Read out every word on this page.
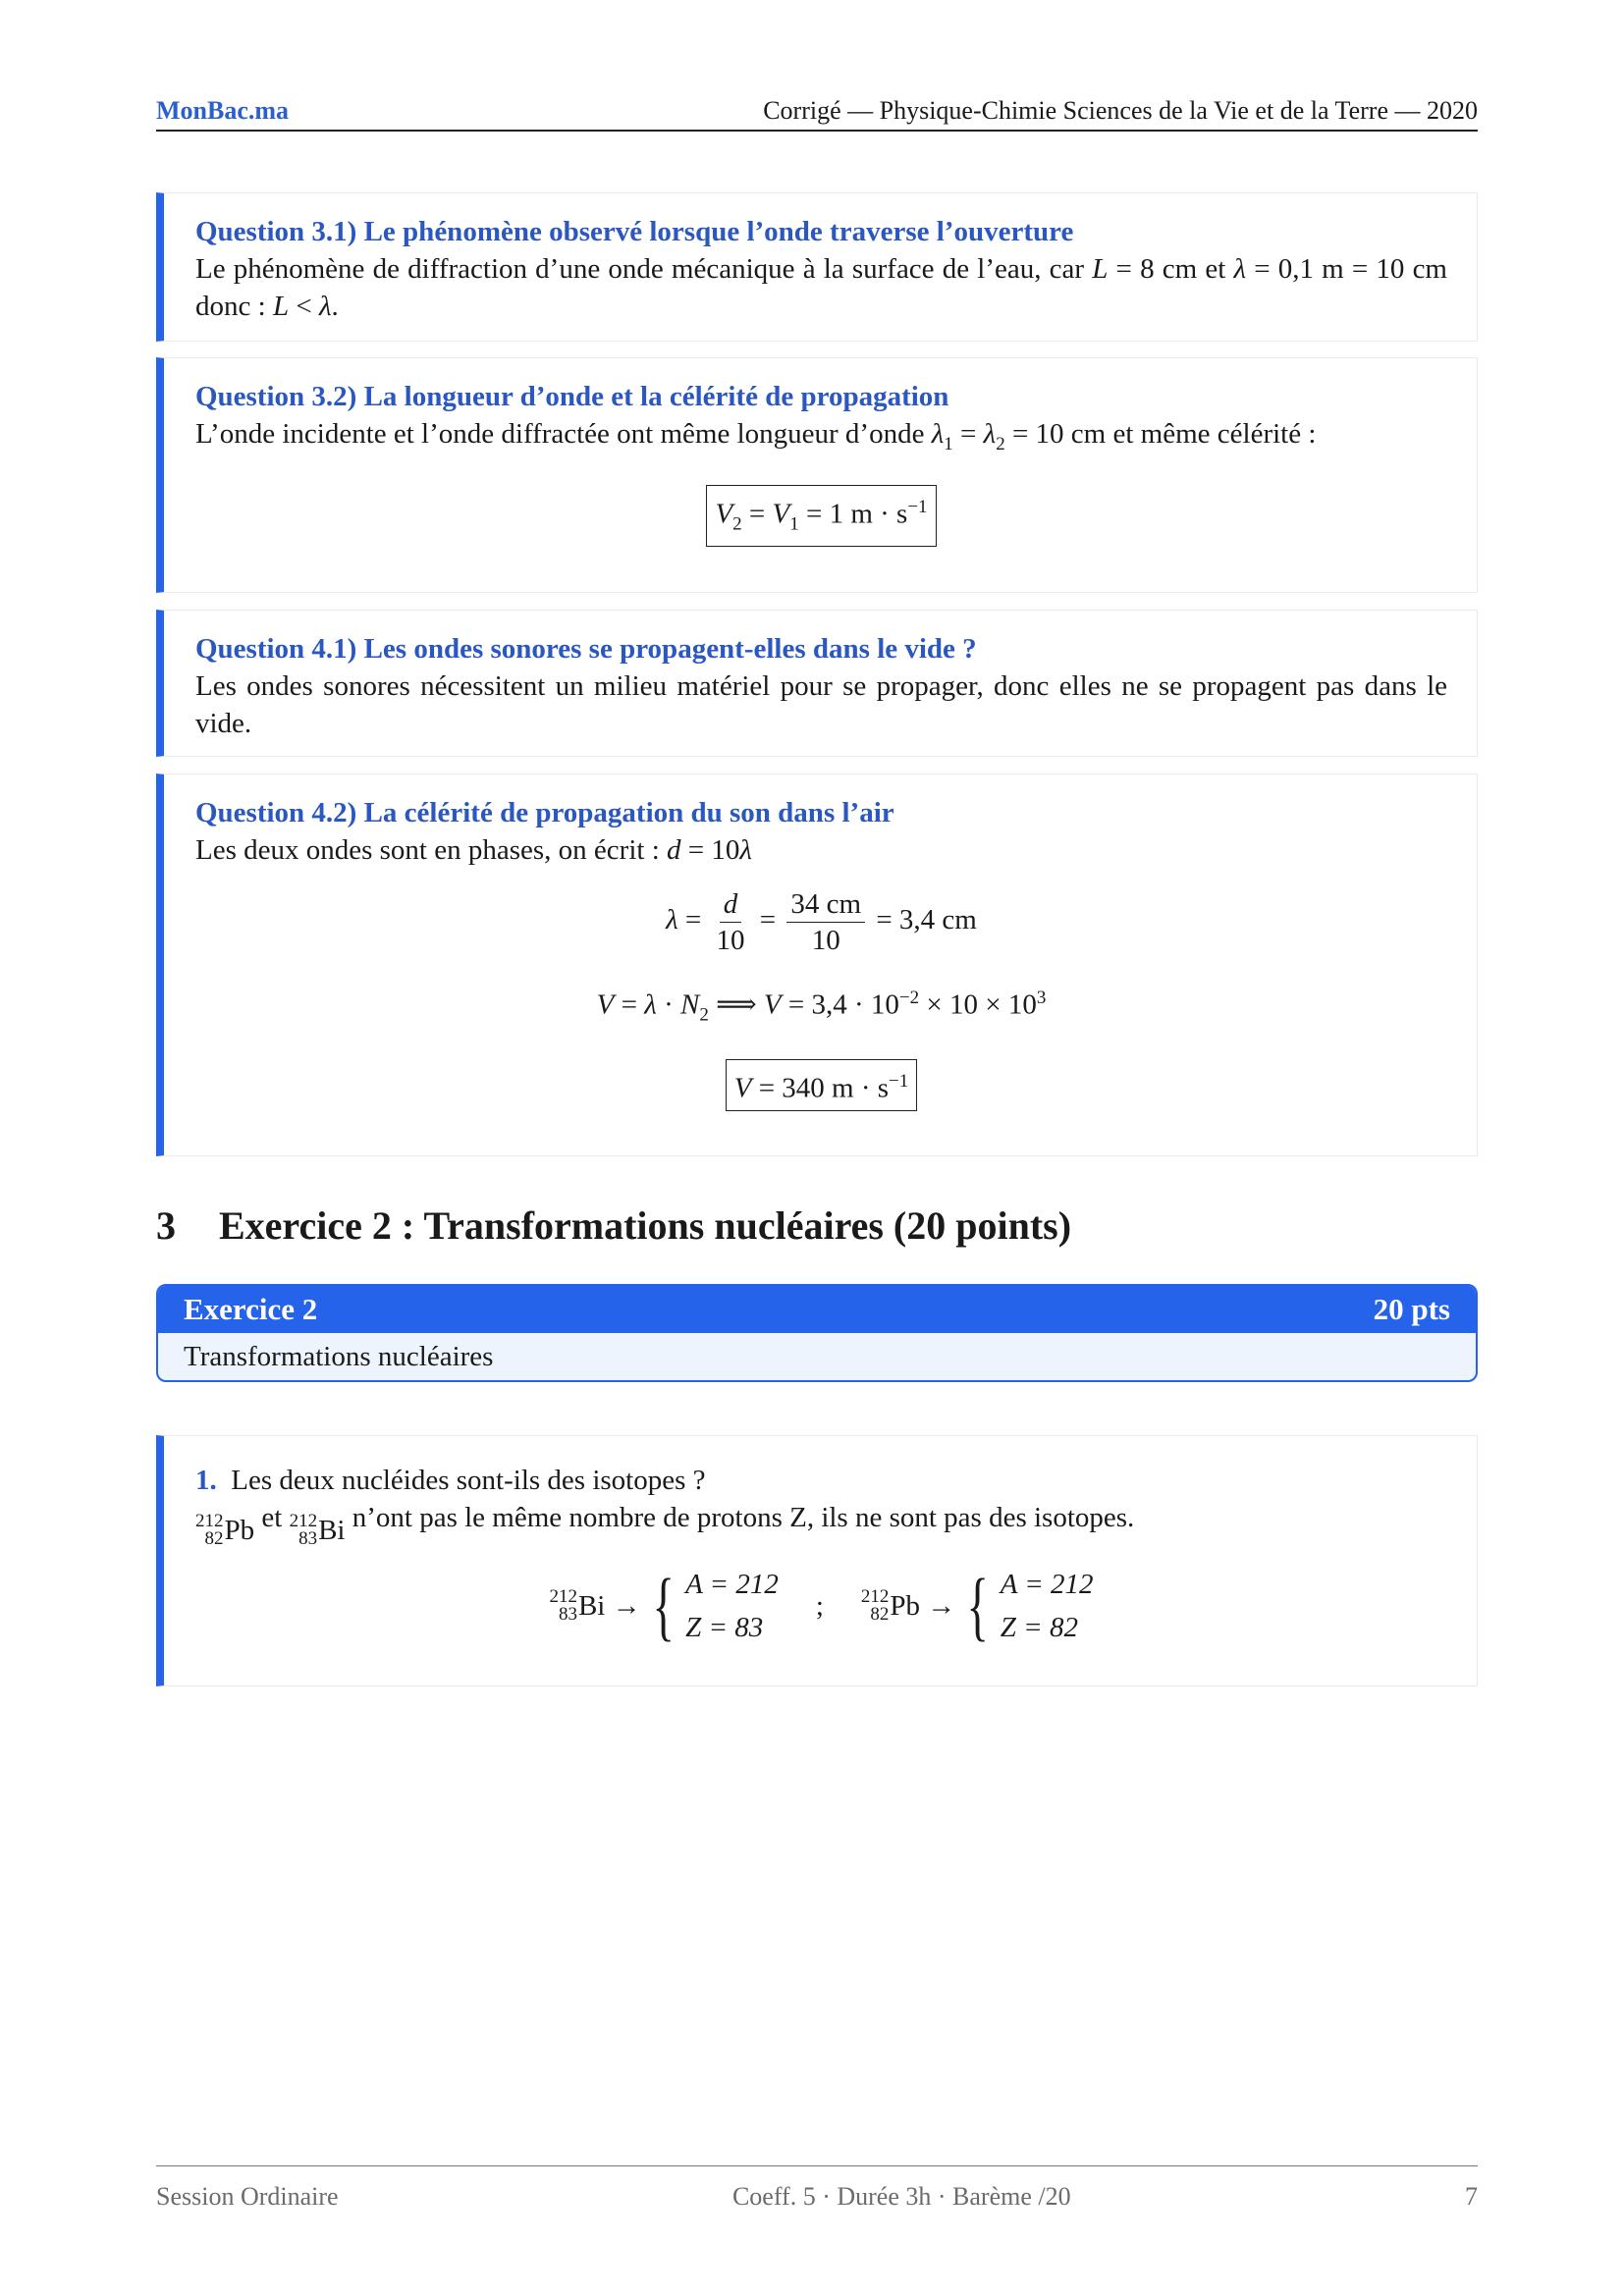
MonBac.ma	Corrigé — Physique-Chimie Sciences de la Vie et de la Terre — 2020
Question 3.1) Le phénomène observé lorsque l’onde traverse l’ouverture

Le phénomène de diffraction d’une onde mécanique à la surface de l’eau, car L = 8 cm et λ = 0,1 m = 10 cm donc : L < λ.

Question 3.2) La longueur d’onde et la célérité de propagation

L’onde incidente et l’onde diffractée ont même longueur d’onde $\lambda_1 = \lambda_2 = 10$ cm et même célérité :

$V_2 = V_1 = 1$ $m \cdot s^{-1}$

Question 4.1) Les ondes sonores se propagent-elles dans le vide ?

Les ondes sonores nécessitent un milieu matériel pour se propager, donc elles ne se propagent pas dans le vide.

Question 4.2) La célérité de propagation du son dans l’air

Les deux ondes sont en phases, on écrit : d = 10λ

$\lambda = \frac{d}{10} = \frac{34 cm}{10} = 3,4$ cm

$V = \lambda \cdot N_2$ ⟹ $V = 3,4 \cdot 10^{-2} \times 10 \times 10^3$

V = 340 $m \cdot s^{-1}$

3 Exercice 2 : Transformations nucléaires (20 points)
Exercice 2	20 pts
Transformations nucléaires

1. Les deux nucléides sont-ils des isotopes ?

212
82 Pb et 212
83 Bi n’ont pas le même nombre de protons Z, ils ne sont pas des isotopes.

212
83 Bi → { A = 212
Z = 83
; 212
82 Pb → { A = 212
Z = 82
Session Ordinaire	Coeff. 5 · Durée 3h · Barème /20	7
